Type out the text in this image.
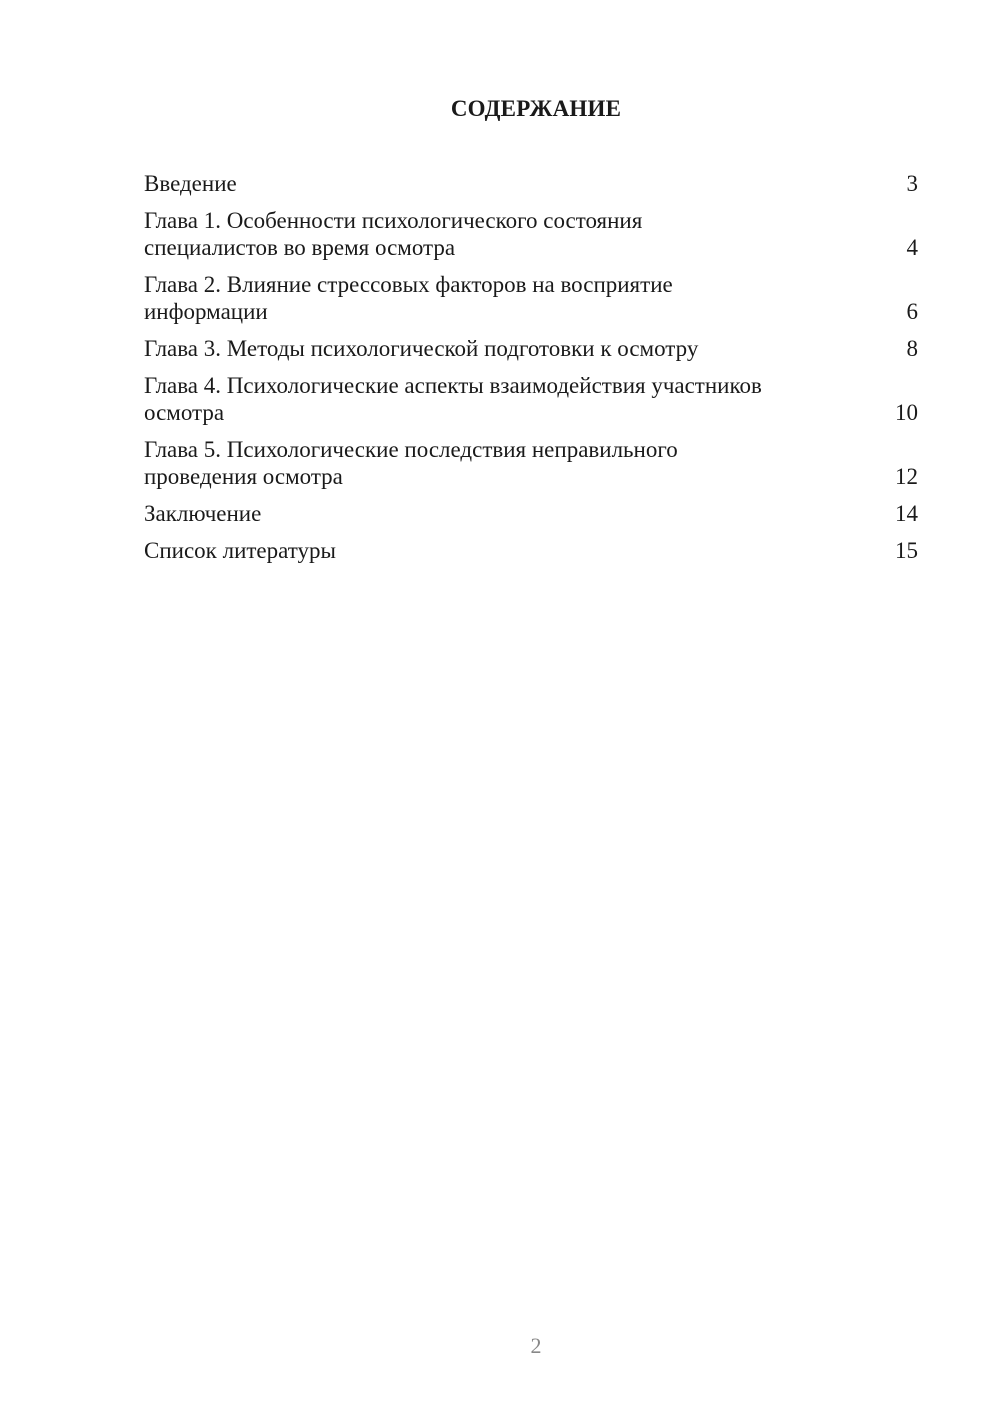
СОДЕРЖАНИЕ
Введение	3
Глава 1. Особенности психологического состояния
специалистов во время осмотра	4
Глава 2. Влияние стрессовых факторов на восприятие
информации	6
Глава 3. Методы психологической подготовки к осмотру	8
Глава 4. Психологические аспекты взаимодействия участников
осмотра	10
Глава 5. Психологические последствия неправильного
проведения осмотра	12
Заключение	14
Список литературы	15
2
